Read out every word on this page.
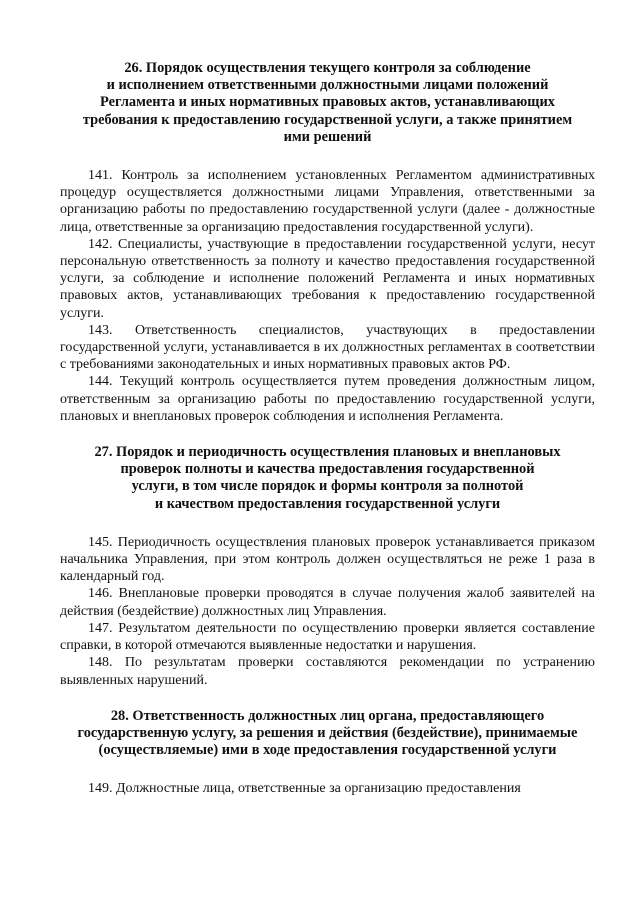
26. Порядок осуществления текущего контроля за соблюдение
и исполнением ответственными должностными лицами положений
Регламента и иных нормативных правовых актов, устанавливающих
требования к предоставлению государственной услуги, а также принятием
ими решений

141. Контроль за исполнением установленных Регламентом административных процедур осуществляется должностными лицами Управления, ответственными за организацию работы по предоставлению государственной услуги (далее - должностные лица, ответственные за организацию предоставления государственной услуги).

142. Специалисты, участвующие в предоставлении государственной услуги, несут персональную ответственность за полноту и качество предоставления государственной услуги, за соблюдение и исполнение положений Регламента и иных нормативных правовых актов, устанавливающих требования к предоставлению государственной услуги.

143. Ответственность специалистов, участвующих в предоставлении государственной услуги, устанавливается в их должностных регламентах в соответствии с требованиями законодательных и иных нормативных правовых актов РФ.

144. Текущий контроль осуществляется путем проведения должностным лицом, ответственным за организацию работы по предоставлению государственной услуги, плановых и внеплановых проверок соблюдения и исполнения Регламента.

27. Порядок и периодичность осуществления плановых и внеплановых
проверок полноты и качества предоставления государственной
услуги, в том числе порядок и формы контроля за полнотой
и качеством предоставления государственной услуги

145. Периодичность осуществления плановых проверок устанавливается приказом начальника Управления, при этом контроль должен осуществляться не реже 1 раза в календарный год.

146. Внеплановые проверки проводятся в случае получения жалоб заявителей на действия (бездействие) должностных лиц Управления.

147. Результатом деятельности по осуществлению проверки является составление справки, в которой отмечаются выявленные недостатки и нарушения.

148. По результатам проверки составляются рекомендации по устранению выявленных нарушений.

28. Ответственность должностных лиц органа, предоставляющего
государственную услугу, за решения и действия (бездействие), принимаемые
(осуществляемые) ими в ходе предоставления государственной услуги

149. Должностные лица, ответственные за организацию предоставления
